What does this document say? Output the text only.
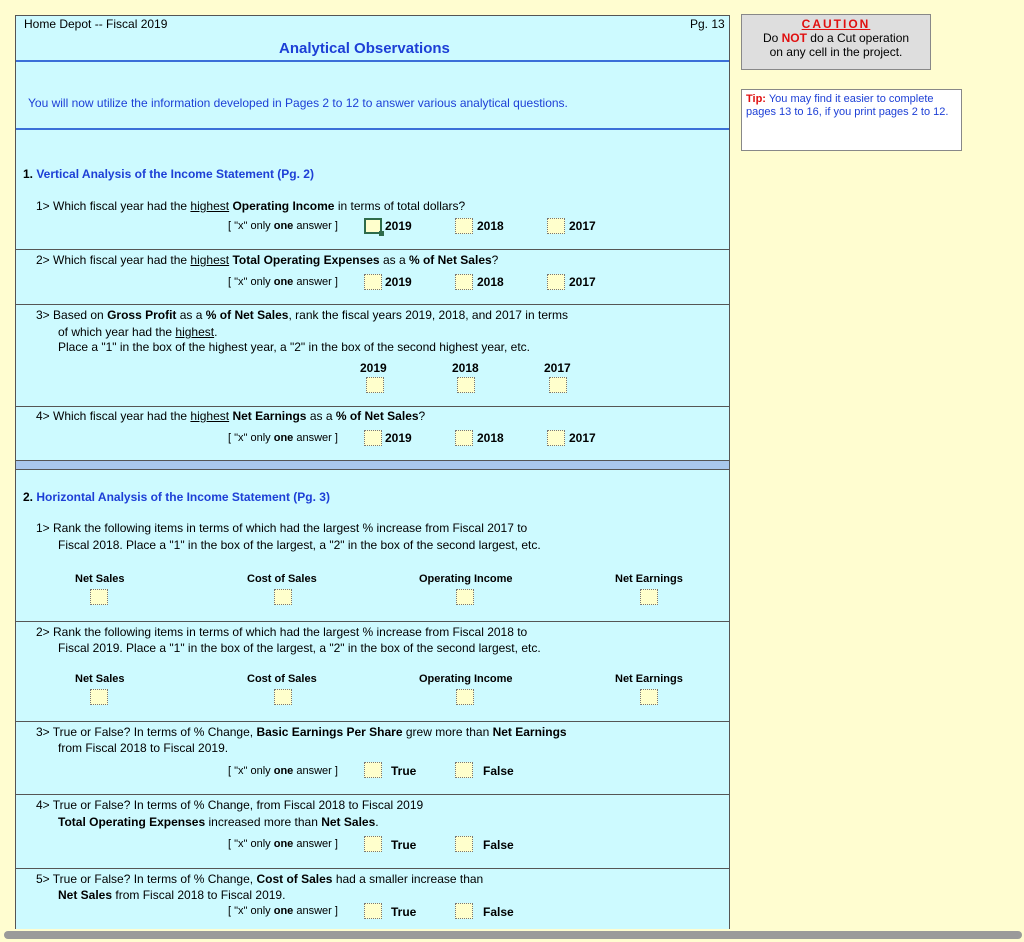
Home Depot -- Fiscal 2019	Pg. 13
Analytical Observations
You will now utilize the information developed in Pages 2 to 12 to answer various analytical questions.
1. Vertical Analysis of the Income Statement (Pg. 2)
1> Which fiscal year had the highest Operating Income in terms of total dollars?
[ "x" only one answer ]	2019	2018	2017
2> Which fiscal year had the highest Total Operating Expenses as a % of Net Sales?
[ "x" only one answer ]	2019	2018	2017
3> Based on Gross Profit as a % of Net Sales, rank the fiscal years 2019, 2018, and 2017 in terms
of which year had the highest.
Place a "1" in the box of the highest year, a "2" in the box of the second highest year, etc.
2019	2018	2017
4> Which fiscal year had the highest Net Earnings as a % of Net Sales?
[ "x" only one answer ]	2019	2018	2017
2. Horizontal Analysis of the Income Statement (Pg. 3)
1> Rank the following items in terms of which had the largest % increase from Fiscal 2017 to
Fiscal 2018. Place a "1" in the box of the largest, a "2" in the box of the second largest, etc.
Net Sales	Cost of Sales	Operating Income	Net Earnings
2> Rank the following items in terms of which had the largest % increase from Fiscal 2018 to
Fiscal 2019. Place a "1" in the box of the largest, a "2" in the box of the second largest, etc.
Net Sales	Cost of Sales	Operating Income	Net Earnings
3> True or False? In terms of % Change, Basic Earnings Per Share grew more than Net Earnings
from Fiscal 2018 to Fiscal 2019.
[ "x" only one answer ]	True	False
4> True or False? In terms of % Change, from Fiscal 2018 to Fiscal 2019
Total Operating Expenses increased more than Net Sales.
[ "x" only one answer ]	True	False
5> True or False? In terms of % Change, Cost of Sales had a smaller increase than
Net Sales from Fiscal 2018 to Fiscal 2019.
[ "x" only one answer ]	True	False
CAUTION
Do NOT do a Cut operation
on any cell in the project.
Tip: You may find it easier to complete pages 13 to 16, if you print pages 2 to 12.
